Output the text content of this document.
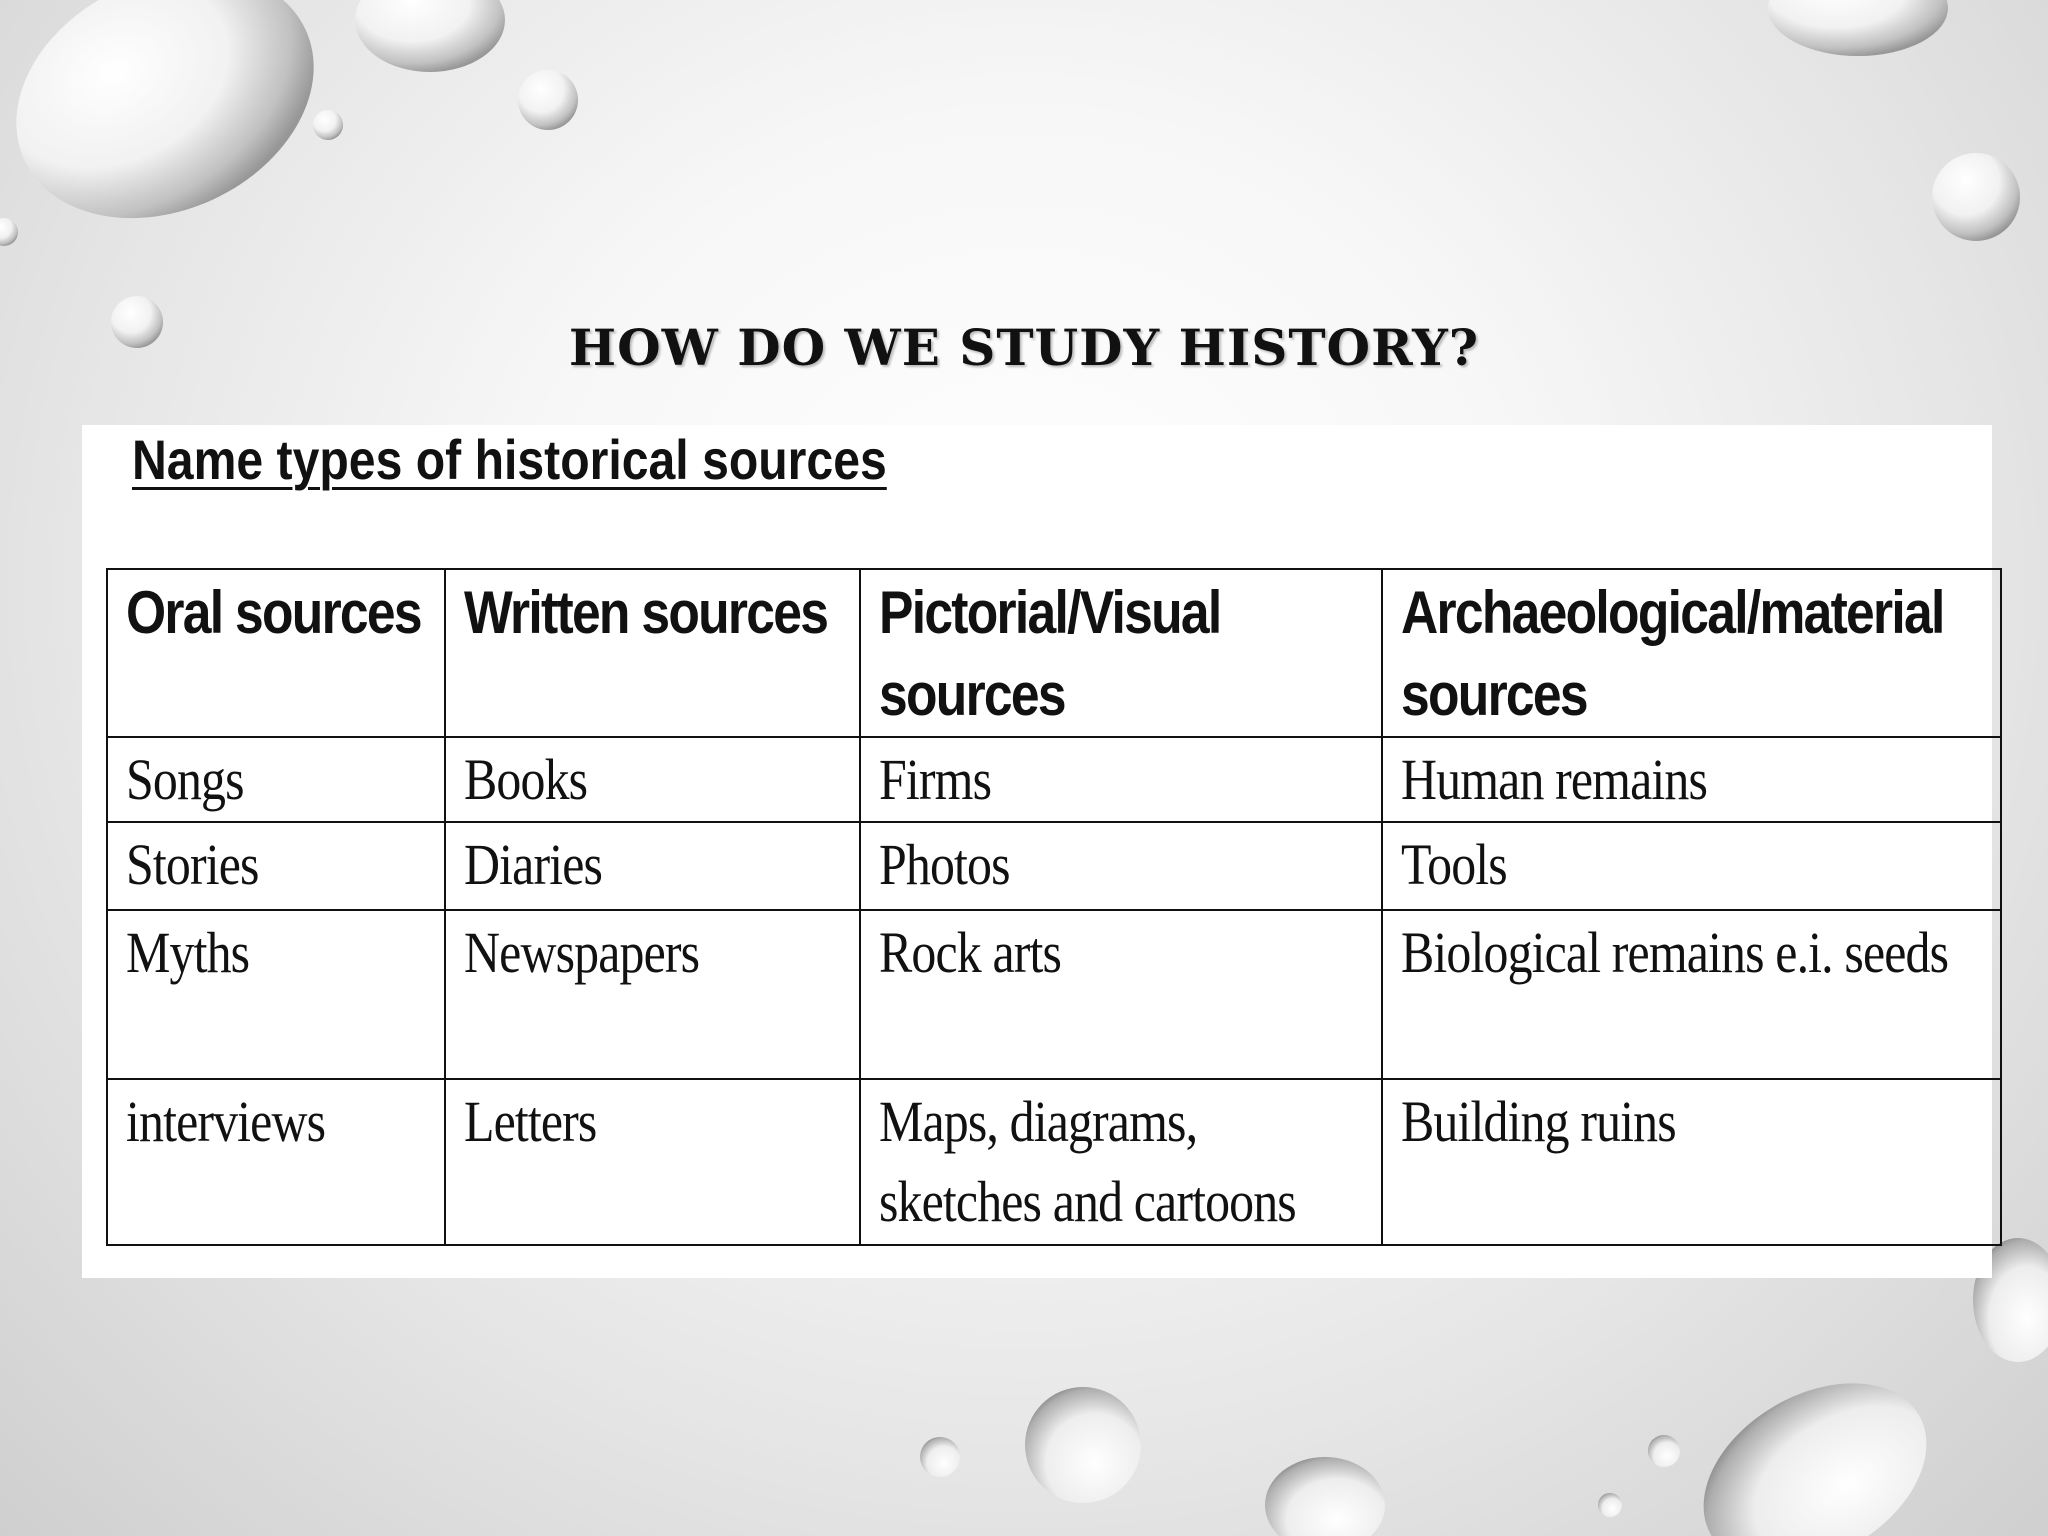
HOW DO WE STUDY HISTORY?
Name types of historical sources
Oral sources	Written sources	Pictorial/Visual sources	Archaeological/material sources

Songs	Books	Firms	Human remains

Stories	Diaries	Photos	Tools

Myths	Newspapers	Rock arts	Biological remains e.i. seeds

interviews	Letters	Maps, diagrams, sketches and cartoons	Building ruins
